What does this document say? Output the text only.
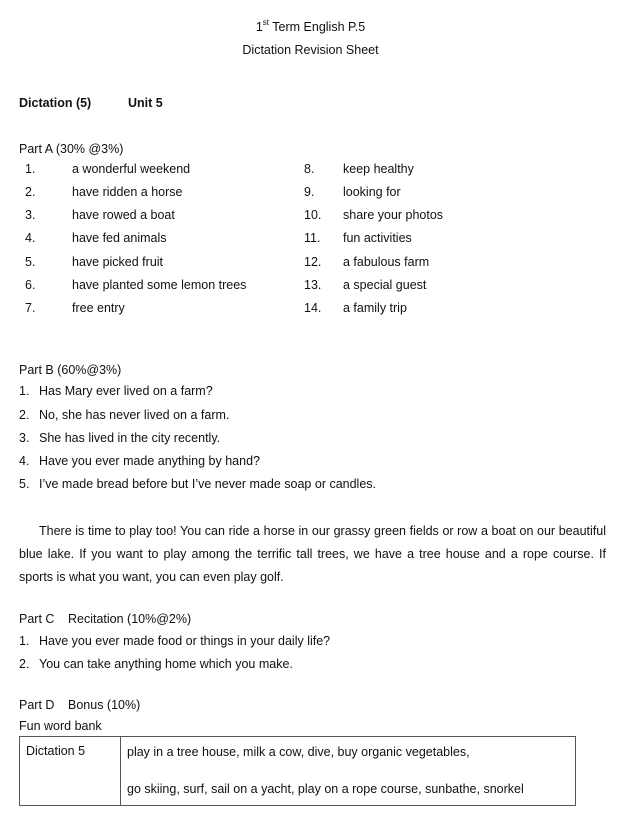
1st Term English P.5
Dictation Revision Sheet
Dictation (5)	Unit 5
Part A (30% @3%)
1.	a wonderful weekend
2.	have ridden a horse
3.	have rowed a boat
4.	have fed animals
5.	have picked fruit
6.	have planted some lemon trees
7.	free entry
8. keep healthy
9. looking for
10. share your photos
11. fun activities
12. a fabulous farm
13. a special guest
14. a family trip
Part B (60%@3%)
1. Has Mary ever lived on a farm?
2. No, she has never lived on a farm.
3. She has lived in the city recently.
4. Have you ever made anything by hand?
5. I’ve made bread before but I’ve never made soap or candles.
There is time to play too! You can ride a horse in our grassy green fields or row a boat on our beautiful blue lake. If you want to play among the terrific tall trees, we have a tree house and a rope course. If sports is what you want, you can even play golf.
Part C Recitation (10%@2%)
1. Have you ever made food or things in your daily life?
2. You can take anything home which you make.
Part D Bonus (10%)
Fun word bank
Dictation 5	play in a tree house, milk a cow, dive, buy organic vegetables,
go skiing, surf, sail on a yacht, play on a rope course, sunbathe, snorkel
